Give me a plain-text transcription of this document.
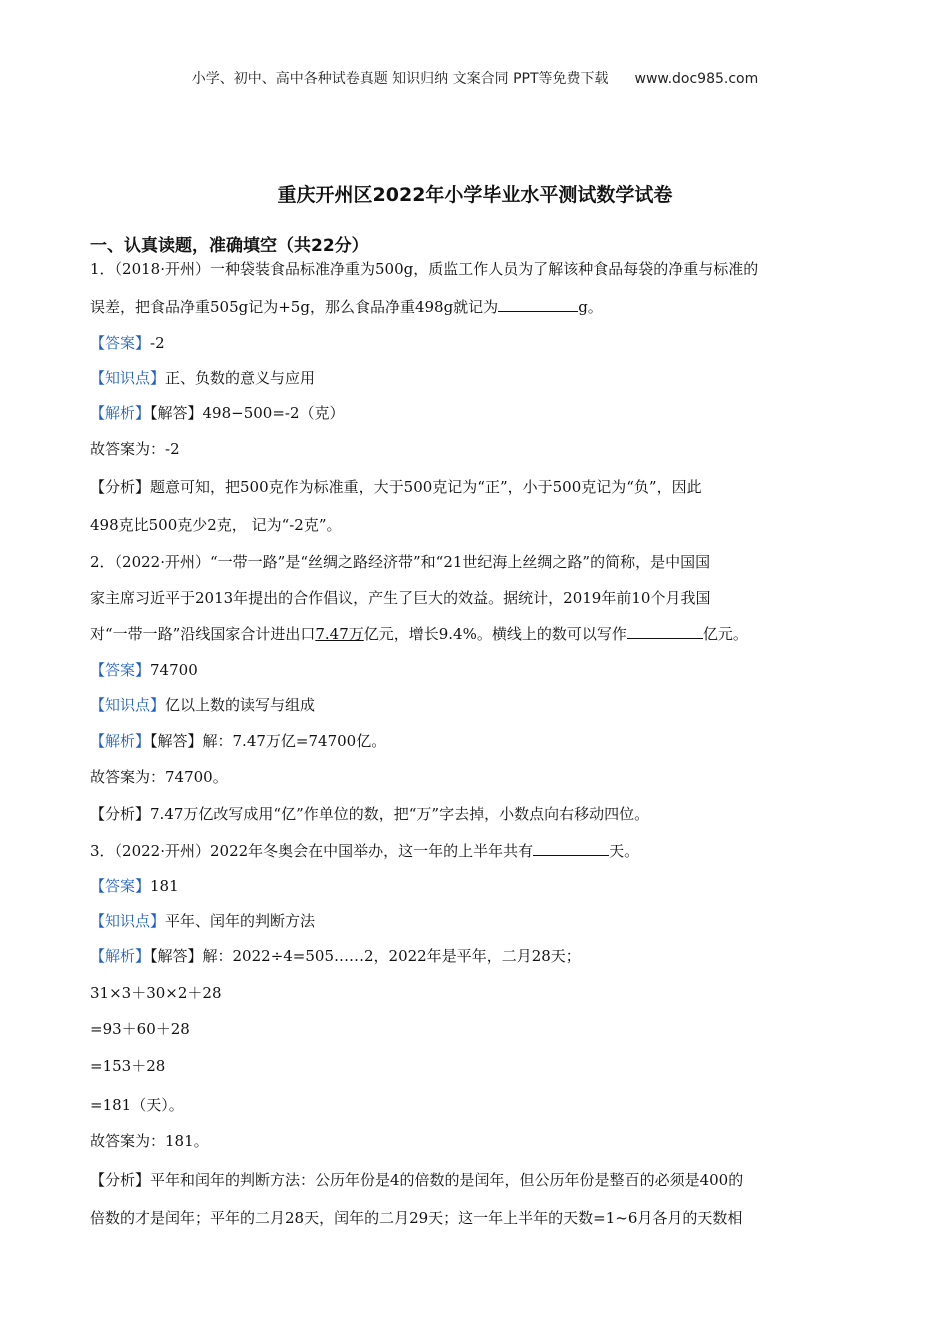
小学、初中、高中各种试卷真题 知识归纳 文案合同 PPT等免费下载 www.doc985.com
重庆开州区2022年小学毕业水平测试数学试卷
一、认真读题，准确填空（共22分）
1．（2018·开州）一种袋装食品标准净重为500g，质监工作人员为了解该种食品每袋的净重与标准的
误差，把食品净重505g记为+5g，那么食品净重498g就记为	g。
【答案】-2
【知识点】正、负数的意义与应用
【解析】【解答】498−500=-2（克）
故答案为：-2
【分析】题意可知，把500克作为标准重，大于500克记为“正”，小于500克记为“负”，因此
498克比500克少2克， 记为“-2克”。
2．（2022·开州）“一带一路”是“丝绸之路经济带”和“21世纪海上丝绸之路”的简称，是中国国
家主席习近平于2013年提出的合作倡议，产生了巨大的效益。据统计，2019年前10个月我国
对“一带一路”沿线国家合计进出口7.47万亿元，增长9.4%。横线上的数可以写作	亿元。
【答案】74700
【知识点】亿以上数的读写与组成
【解析】【解答】解：7.47万亿=74700亿。
故答案为：74700。
【分析】7.47万亿改写成用“亿”作单位的数，把“万”字去掉，小数点向右移动四位。
3．（2022·开州）2022年冬奥会在中国举办，这一年的上半年共有	天。
【答案】181
【知识点】平年、闰年的判断方法
【解析】【解答】解：2022÷4=505……2，2022年是平年，二月28天；
31×3＋30×2＋28
=93＋60＋28
=153＋28
=181（天）。
故答案为：181。
【分析】平年和闰年的判断方法：公历年份是4的倍数的是闰年，但公历年份是整百的必须是400的
倍数的才是闰年；平年的二月28天，闰年的二月29天；这一年上半年的天数=1~6月各月的天数相
